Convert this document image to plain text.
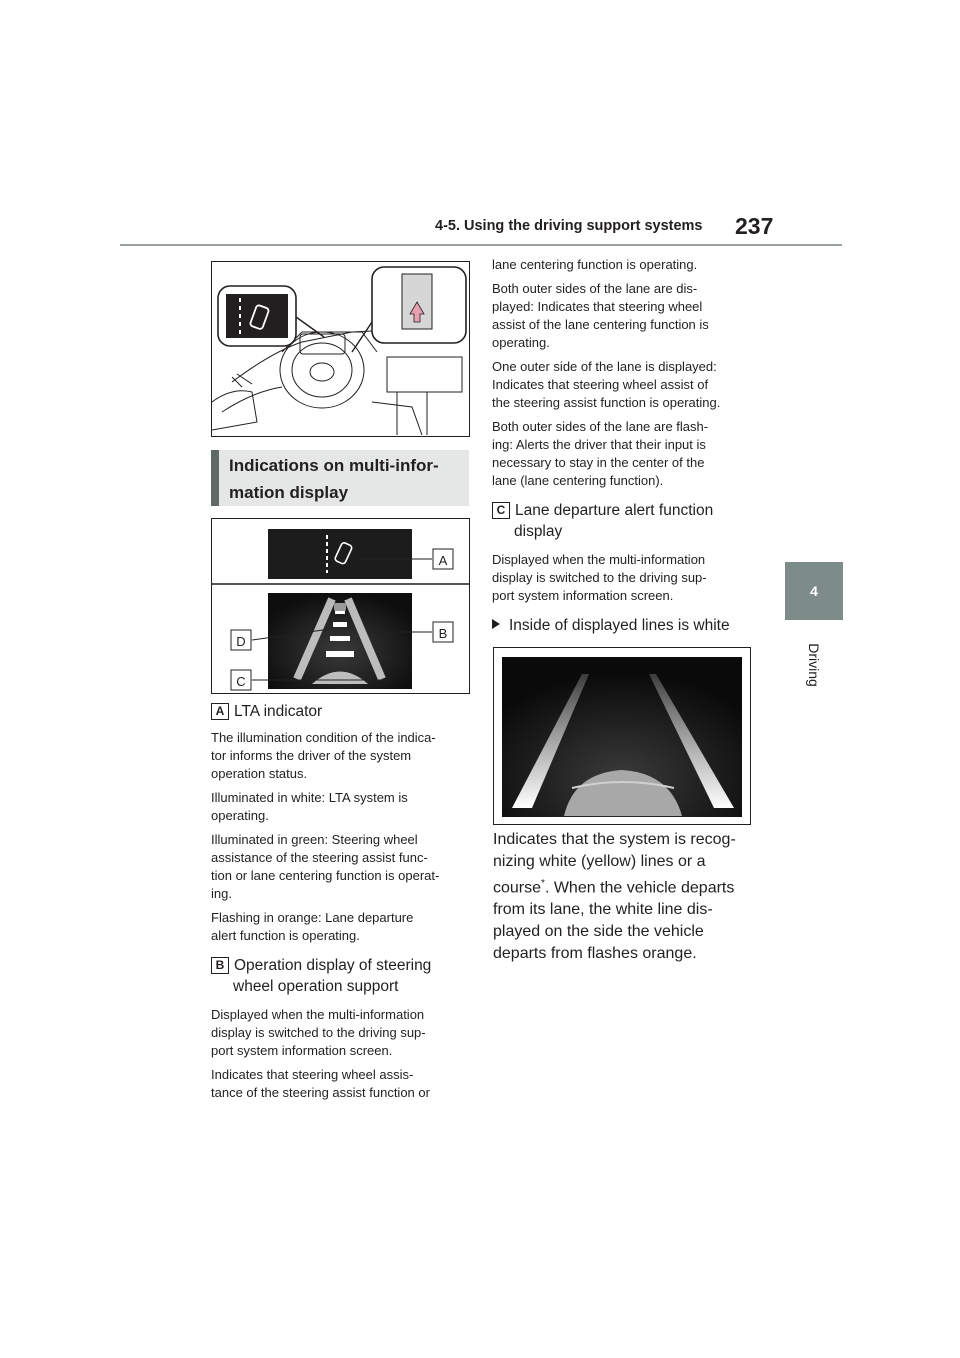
4-5. Using the driving support systems 237
4
Driving
Indications on multi-infor-
mation display
A
B
D
C
A LTA indicator

The illumination condition of the indica-
tor informs the driver of the system
operation status.

Illuminated in white: LTA system is
operating.

Illuminated in green: Steering wheel
assistance of the steering assist func-
tion or lane centering function is operat-
ing.

Flashing in orange: Lane departure
alert function is operating.

B Operation display of steering
wheel operation support

Displayed when the multi-information
display is switched to the driving sup-
port system information screen.

Indicates that steering wheel assis-
tance of the steering assist function or

lane centering function is operating.

Both outer sides of the lane are dis-
played: Indicates that steering wheel
assist of the lane centering function is
operating.

One outer side of the lane is displayed:
Indicates that steering wheel assist of
the steering assist function is operating.

Both outer sides of the lane are flash-
ing: Alerts the driver that their input is
necessary to stay in the center of the
lane (lane centering function).

C Lane departure alert function
display

Displayed when the multi-information
display is switched to the driving sup-
port system information screen.

Inside of displayed lines is white
Indicates that the system is recog-
nizing white (yellow) lines or a
course*. When the vehicle departs
from its lane, the white line dis-
played on the side the vehicle
departs from flashes orange.
